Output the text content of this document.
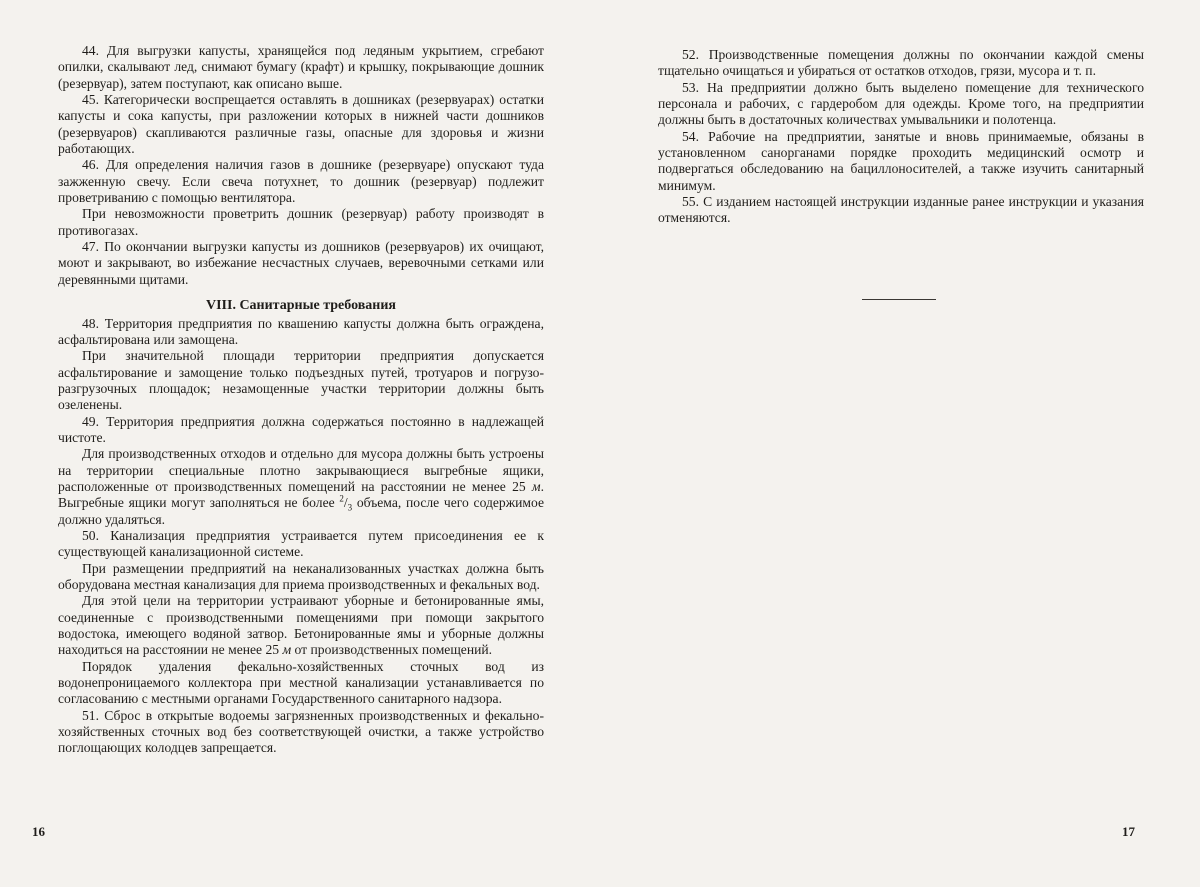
44. Для выгрузки капусты, хранящейся под ледяным укрытием, сгребают опилки, скалывают лед, снимают бумагу (крафт) и крышку, покрывающие дошник (резервуар), затем поступают, как описано выше.

45. Категорически воспрещается оставлять в дошниках (резервуарах) остатки капусты и сока капусты, при разложении которых в нижней части дошников (резервуаров) скапливаются различные газы, опасные для здоровья и жизни работающих.

46. Для определения наличия газов в дошнике (резервуаре) опускают туда зажженную свечу. Если свеча потухнет, то дошник (резервуар) подлежит проветриванию с помощью вентилятора.

При невозможности проветрить дошник (резервуар) работу производят в противогазах.

47. По окончании выгрузки капусты из дошников (резервуаров) их очищают, моют и закрывают, во избежание несчастных случаев, веревочными сетками или деревянными щитами.

VIII. Санитарные требования

48. Территория предприятия по квашению капусты должна быть ограждена, асфальтирована или замощена.

При значительной площади территории предприятия допускается асфальтирование и замощение только подъездных путей, тротуаров и погрузо-разгрузочных площадок; незамощенные участки территории должны быть озеленены.

49. Территория предприятия должна содержаться постоянно в надлежащей чистоте.

Для производственных отходов и отдельно для мусора должны быть устроены на территории специальные плотно закрывающиеся выгребные ящики, расположенные от производственных помещений на расстоянии не менее 25 м. Выгребные ящики могут заполняться не более $^2/_3$ объема, после чего содержимое должно удаляться.

50. Канализация предприятия устраивается путем присоединения ее к существующей канализационной системе.

При размещении предприятий на неканализованных участках должна быть оборудована местная канализация для приема производственных и фекальных вод.

Для этой цели на территории устраивают уборные и бетонированные ямы, соединенные с производственными помещениями при помощи закрытого водостока, имеющего водяной затвор. Бетонированные ямы и уборные должны находиться на расстоянии не менее 25 м от производственных помещений.

Порядок удаления фекально-хозяйственных сточных вод из водонепроницаемого коллектора при местной канализации устанавливается по согласованию с местными органами Государственного санитарного надзора.

51. Сброс в открытые водоемы загрязненных производственных и фекально-хозяйственных сточных вод без соответствующей очистки, а также устройство поглощающих колодцев запрещается.

16

52. Производственные помещения должны по окончании каждой смены тщательно очищаться и убираться от остатков отходов, грязи, мусора и т. п.

53. На предприятии должно быть выделено помещение для технического персонала и рабочих, с гардеробом для одежды. Кроме того, на предприятии должны быть в достаточных количествах умывальники и полотенца.

54. Рабочие на предприятии, занятые и вновь принимаемые, обязаны в установленном санорганами порядке проходить медицинский осмотр и подвергаться обследованию на бациллоносителей, а также изучить санитарный минимум.

55. С изданием настоящей инструкции изданные ранее инструкции и указания отменяются.

17
